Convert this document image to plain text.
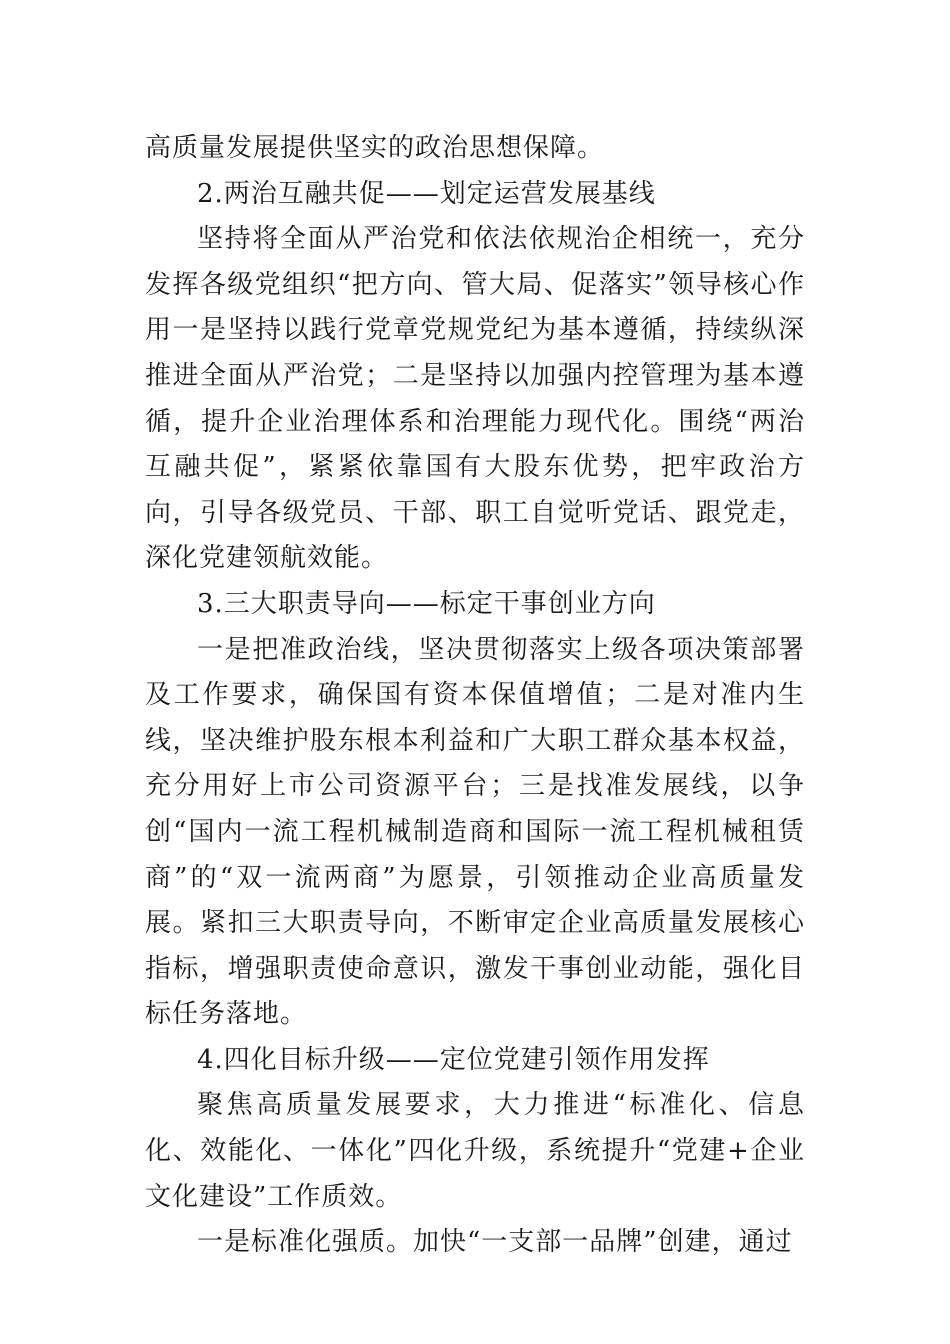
高质量发展提供坚实的政治思想保障。

2.两治互融共促——划定运营发展基线

坚持将全面从严治党和依法依规治企相统一，充分发挥各级党组织“把方向、管大局、促落实”领导核心作用一是坚持以践行党章党规党纪为基本遵循，持续纵深推进全面从严治党；二是坚持以加强内控管理为基本遵循，提升企业治理体系和治理能力现代化。围绕“两治互融共促”，紧紧依靠国有大股东优势，把牢政治方向，引导各级党员、干部、职工自觉听党话、跟党走，深化党建领航效能。

3.三大职责导向——标定干事创业方向

一是把准政治线，坚决贯彻落实上级各项决策部署及工作要求，确保国有资本保值增值；二是对准内生线，坚决维护股东根本利益和广大职工群众基本权益，充分用好上市公司资源平台；三是找准发展线，以争创“国内一流工程机械制造商和国际一流工程机械租赁商”的“双一流两商”为愿景，引领推动企业高质量发展。紧扣三大职责导向，不断审定企业高质量发展核心指标，增强职责使命意识，激发干事创业动能，强化目标任务落地。

4.四化目标升级——定位党建引领作用发挥

聚焦高质量发展要求，大力推进“标准化、信息化、效能化、一体化”四化升级，系统提升“党建+企业文化建设”工作质效。

一是标准化强质。加快“一支部一品牌”创建，通过
